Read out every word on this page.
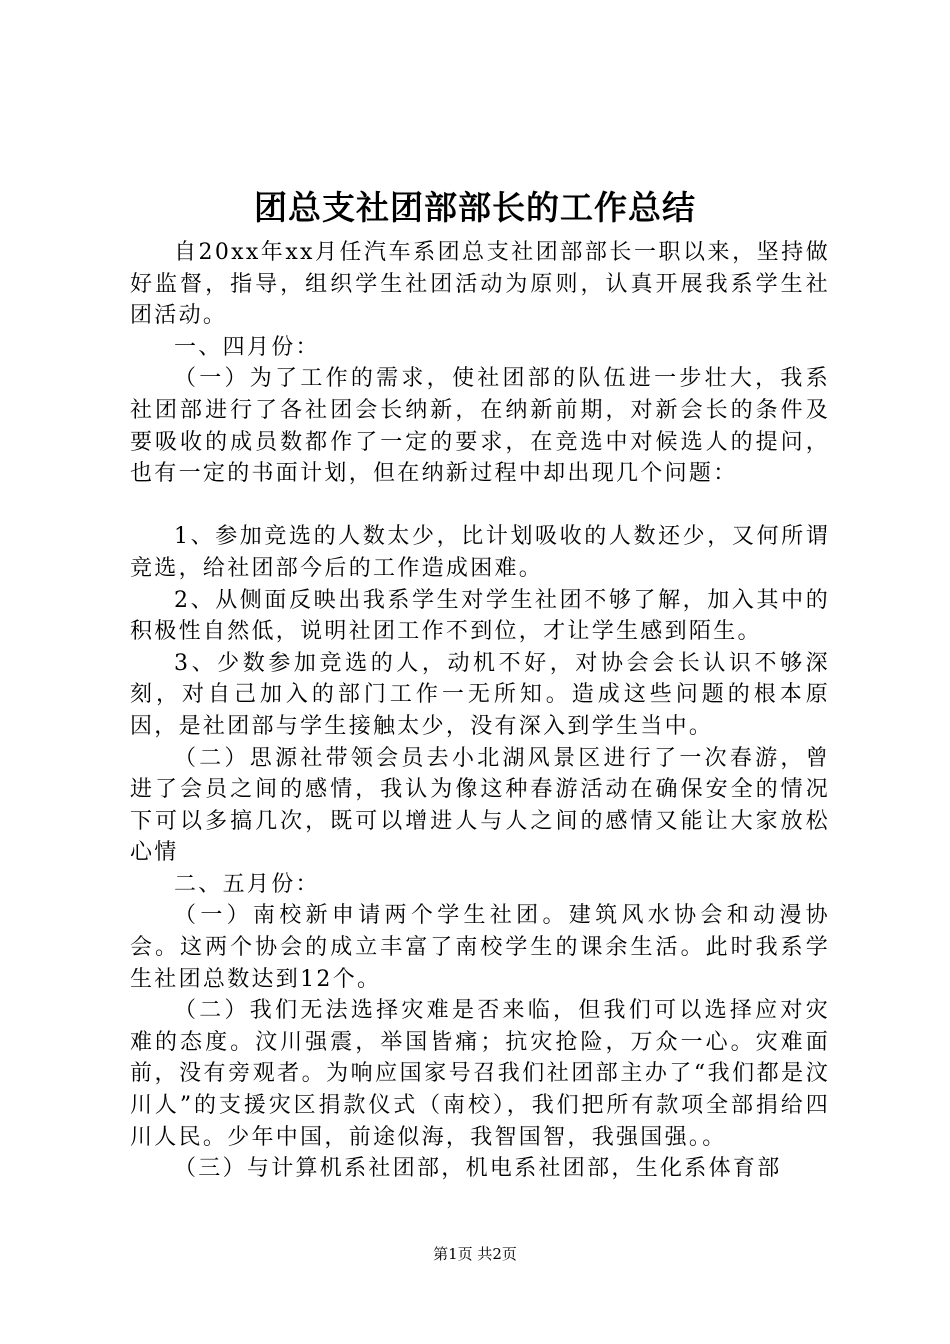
团总支社团部部长的工作总结

自20xx年xx月任汽车系团总支社团部部长一职以来，坚持做好监督，指导，组织学生社团活动为原则，认真开展我系学生社团活动。

一、四月份：

（一）为了工作的需求，使社团部的队伍进一步壮大，我系社团部进行了各社团会长纳新，在纳新前期，对新会长的条件及要吸收的成员数都作了一定的要求，在竞选中对候选人的提问，也有一定的书面计划，但在纳新过程中却出现几个问题：

1、参加竞选的人数太少，比计划吸收的人数还少，又何所谓竞选，给社团部今后的工作造成困难。

2、从侧面反映出我系学生对学生社团不够了解，加入其中的积极性自然低，说明社团工作不到位，才让学生感到陌生。

3、少数参加竞选的人，动机不好，对协会会长认识不够深刻，对自己加入的部门工作一无所知。造成这些问题的根本原因，是社团部与学生接触太少，没有深入到学生当中。

（二）思源社带领会员去小北湖风景区进行了一次春游，曾进了会员之间的感情，我认为像这种春游活动在确保安全的情况下可以多搞几次，既可以增进人与人之间的感情又能让大家放松心情

二、五月份：

（一）南校新申请两个学生社团。建筑风水协会和动漫协会。这两个协会的成立丰富了南校学生的课余生活。此时我系学生社团总数达到12个。

（二）我们无法选择灾难是否来临，但我们可以选择应对灾难的态度。汶川强震，举国皆痛；抗灾抢险，万众一心。灾难面前，没有旁观者。为响应国家号召我们社团部主办了“我们都是汶川人”的支援灾区捐款仪式（南校），我们把所有款项全部捐给四川人民。少年中国，前途似海，我智国智，我强国强。。

（三）与计算机系社团部，机电系社团部，生化系体育部

第1页 共2页
